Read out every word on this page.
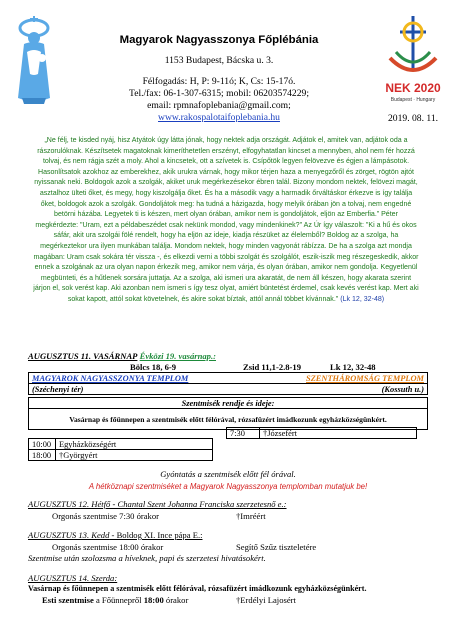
NEK 2020
Budapest · Hungary
Magyarok Nagyasszonya Főplébánia
1153 Budapest, Bácska u. 3.
Félfogadás: H, P: 9-11ó; K, Cs: 15-17ó.
Tel./fax: 06-1-307-6315; mobil: 06203574229;
email: rpmnafoplebania@gmail.com;
www.rakospalotaifoplebania.hu	2019. 08. 11.
„Ne félj, te kisded nyáj, hisz Atyátok úgy látta jónak, hogy nektek adja országát. Adjátok el, amitek van, adjátok oda a rászorulóknak. Készítsetek magatoknak kimeríthetetlen erszényt, elfogyhatatlan kincset a mennyben, ahol nem fér hozzá tolvaj, és nem rágja szét a moly. Ahol a kincsetek, ott a szívetek is. Csípőtök legyen felövezve és égjen a lámpásotok. Hasonlítsatok azokhoz az emberekhez, akik urukra várnak, hogy mikor térjen haza a menyegzőről és zörget, rögtön ajtót nyissanak neki. Boldogok azok a szolgák, akiket uruk megérkezésekor ébren talál. Bizony mondom nektek, felövezi magát, asztalhoz ülteti őket, és megy, hogy kiszolgálja őket. És ha a második vagy a harmadik őrváltáskor érkezve is így találja őket, boldogok azok a szolgák. Gondoljátok meg: ha tudná a házigazda, hogy melyik órában jön a tolvaj, nem engedné betörni házába. Legyetek ti is készen, mert olyan órában, amikor nem is gondoljátok, eljön az Emberfia.” Péter megkérdezte: "Uram, ezt a példabeszédet csak nekünk mondod, vagy mindenkinek?" Az Úr így válaszolt: "Ki a hű és okos sáfár, akit ura szolgái fölé rendelt, hogy ha eljön az ideje, kiadja részüket az élelemből? Boldog az a szolga, ha megérkeztekor ura ilyen munkában találja. Mondom nektek, hogy minden vagyonát rábízza. De ha a szolga azt mondja magában: Uram csak sokára tér vissza -, és elkezdi verni a többi szolgát és szolgálót, eszik-iszik meg részegeskedik, akkor ennek a szolgának az ura olyan napon érkezik meg, amikor nem várja, és olyan órában, amikor nem gondolja. Kegyetlenül megbünteti, és a hűtlenek sorsára juttatja. Az a szolga, aki ismeri ura akaratát, de nem áll készen, hogy akarata szerint járjon el, sok verést kap. Aki azonban nem ismeri s így tesz olyat, amiért büntetést érdemel, csak kevés verést kap. Mert aki sokat kapott, attól sokat követelnek, és akire sokat bíztak, attól annál többet kívánnak." (Lk 12, 32-48)
AUGUSZTUS 11. VASÁRNAP Évközi 19. vasárnap.:
Bölcs 18, 6-9	Zsid 11,1-2.8-19	Lk 12, 32-48
MAGYAROK NAGYASSZONYA TEMPLOM	SZENTHÁROMSÁG TEMPLOM
(Széchenyi tér)	(Kossuth u.)
Szentmisék rendje és ideje:
Vasárnap és főünnepen a szentmisék előtt félórával, rózsafüzért imádkozunk egyházközségünkért.
7:30	†Józsefért
10:00	Egyházközségért
18:00	†Györgyért
Gyóntatás a szentmisék előtt fél órával.
A hétköznapi szentmiséket a Magyarok Nagyasszonya templomban mutatjuk be!
AUGUSZTUS 12. Hétfő - Chantal Szent Johanna Franciska szerzetesnő e.:
Orgonás szentmise 7:30 órakor	†Imréért
AUGUSZTUS 13. Kedd - Boldog XI. Ince pápa E.:
Orgonás szentmise 18:00 órakor	Segítő Szűz tiszteletére
Szentmise után szolozsma a híveknek, papi és szerzetesi hivatásokért.
AUGUSZTUS 14. Szerda:
Vasárnap és főünnepen a szentmisék előtt félórával, rózsafüzért imádkozunk egyházközségünkért.
Esti szentmise a Főünnepről 18:00 órakor	†Erdélyi Lajosért
